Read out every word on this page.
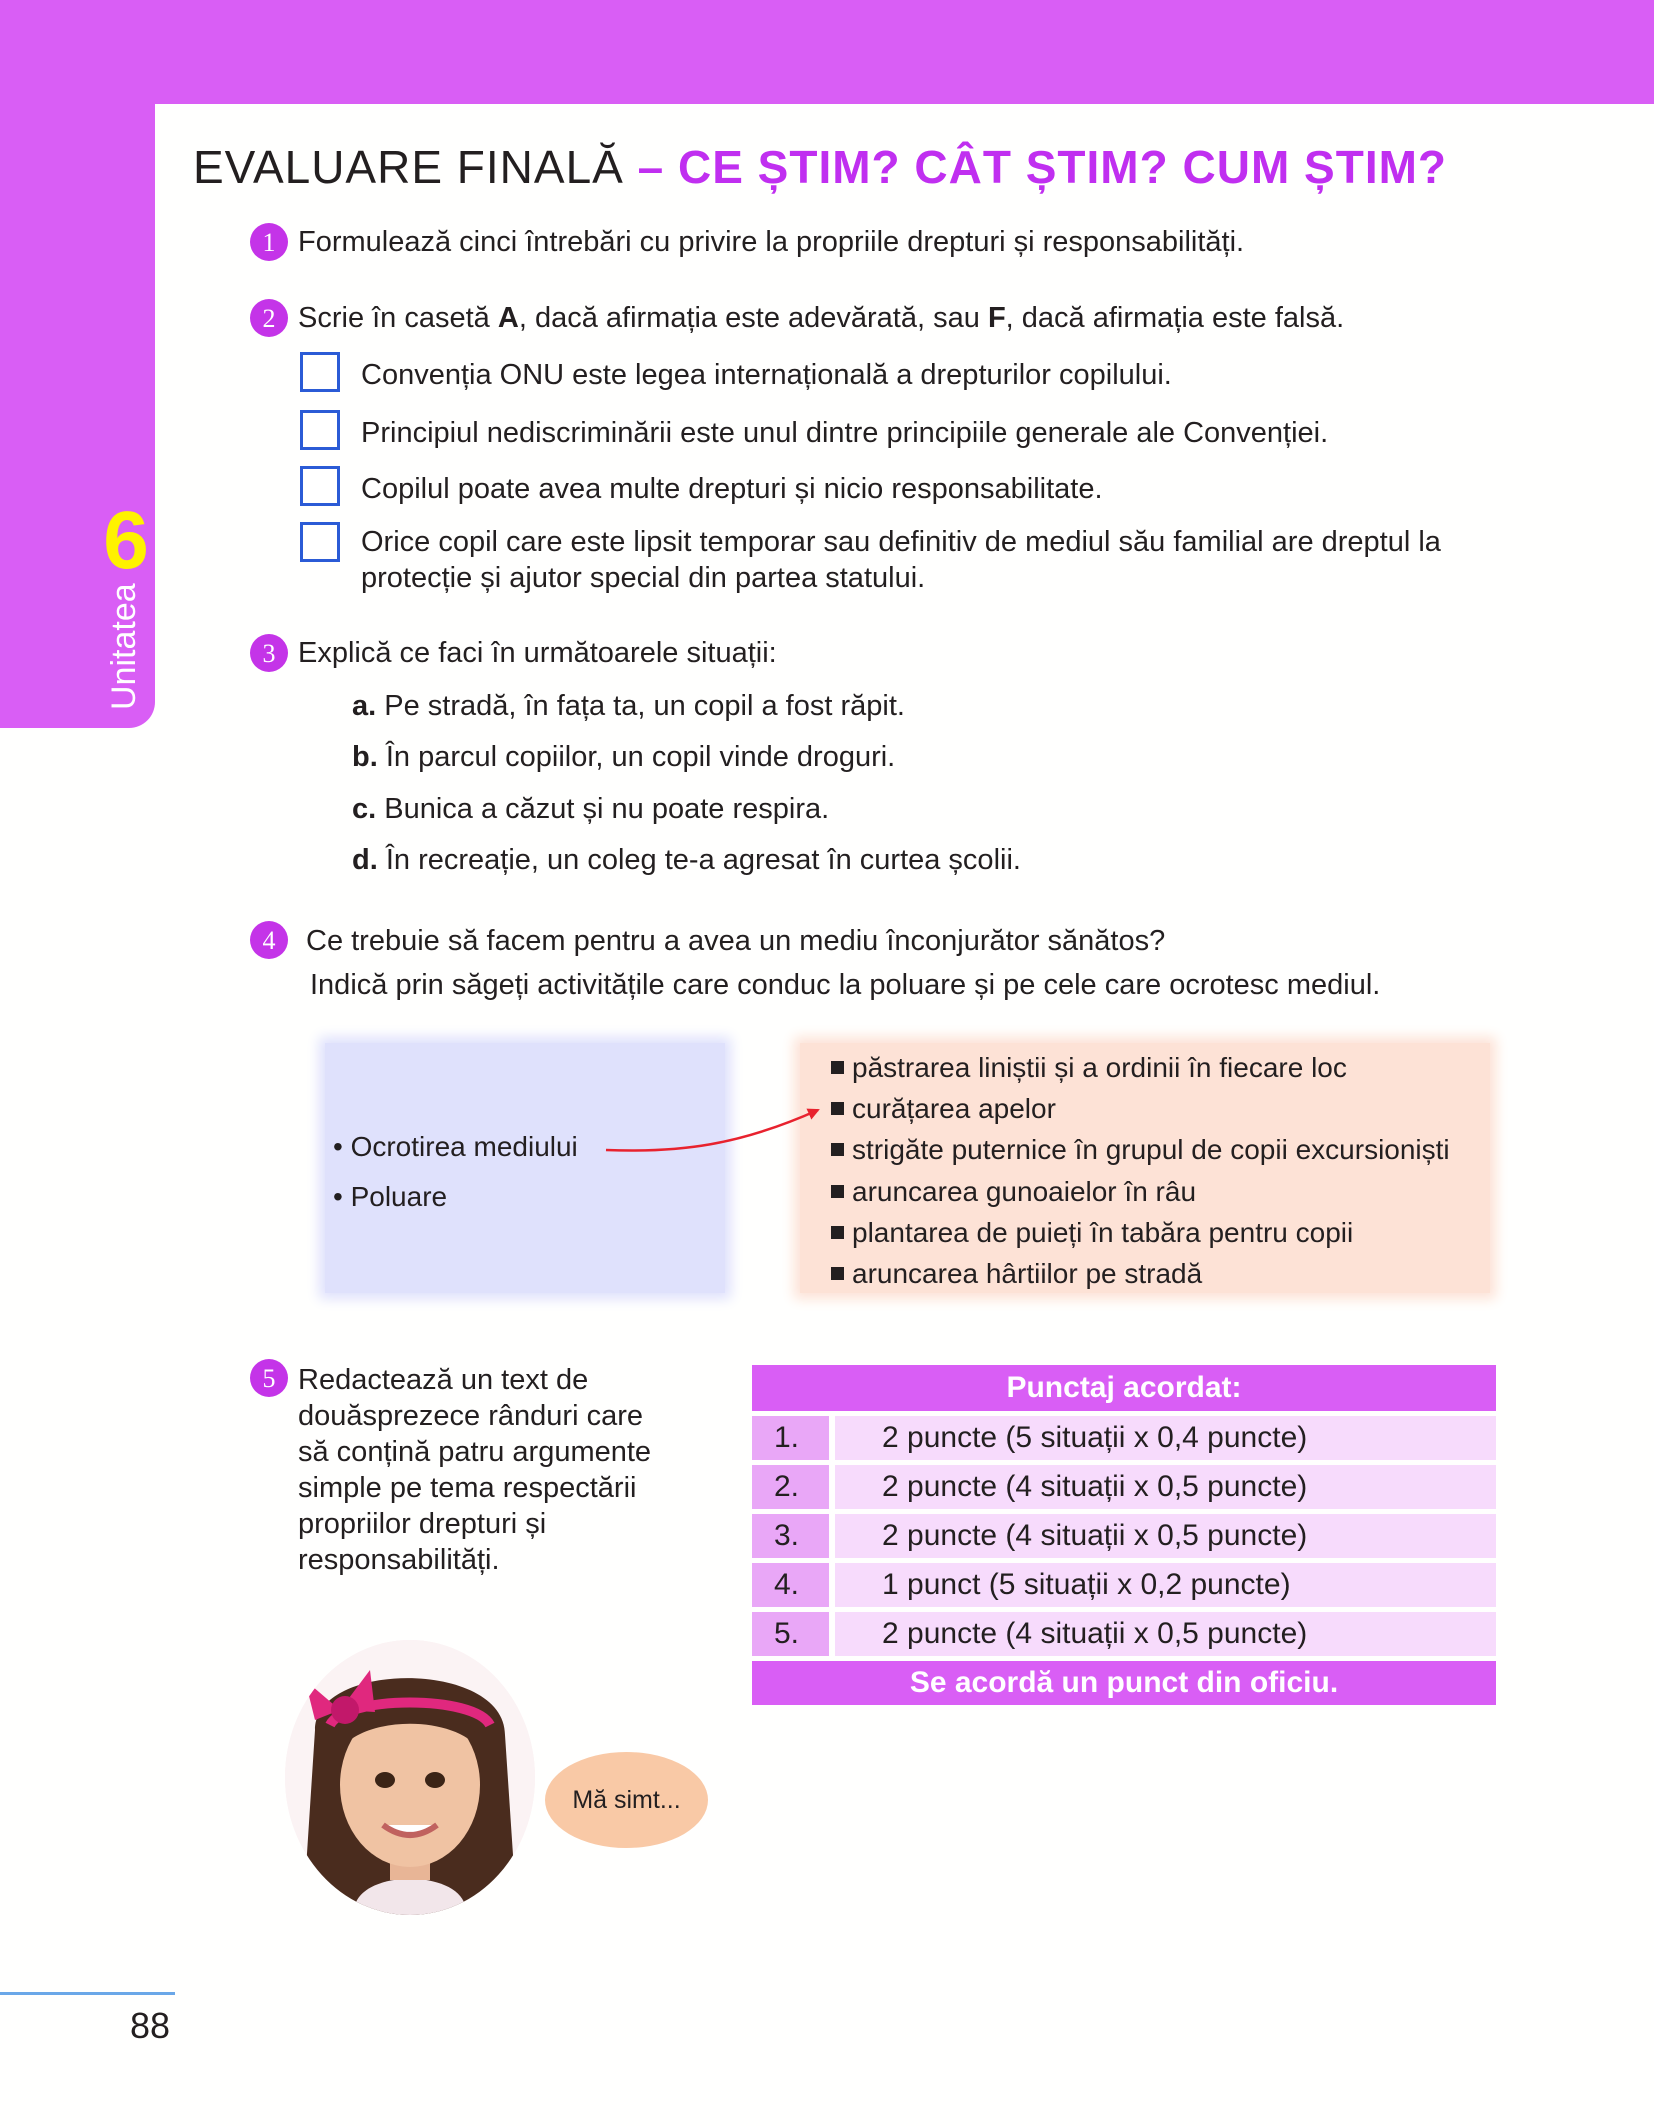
6
Unitatea
EVALUARE FINALĂ – CE ȘTIM? CÂT ȘTIM? CUM ȘTIM?
1 Formulează cinci întrebări cu privire la propriile drepturi și responsabilități.
2 Scrie în casetă A, dacă afirmația este adevărată, sau F, dacă afirmația este falsă.
Convenția ONU este legea internațională a drepturilor copilului.
Principiul nediscriminării este unul dintre principiile generale ale Convenției.
Copilul poate avea multe drepturi și nicio responsabilitate.
Orice copil care este lipsit temporar sau definitiv de mediul său familial are dreptul la
protecție și ajutor special din partea statului.
3 Explică ce faci în următoarele situații:
a. Pe stradă, în fața ta, un copil a fost răpit.
b. În parcul copiilor, un copil vinde droguri.
c. Bunica a căzut și nu poate respira.
d. În recreație, un coleg te-a agresat în curtea școlii.
4	Ce trebuie să facem pentru a avea un mediu înconjurător sănătos?
Indică prin săgeți activitățile care conduc la poluare și pe cele care ocrotesc mediul.
• Ocrotirea mediului
• Poluare
păstrarea liniștii și a ordinii în fiecare loc
curățarea apelor
strigăte puternice în grupul de copii excursioniști
aruncarea gunoaielor în râu
plantarea de puieți în tabăra pentru copii
aruncarea hârtiilor pe stradă
5 Redactează un text de
douăsprezece rânduri care
să conțină patru argumente
simple pe tema respectării
propriilor drepturi și
responsabilități.
Punctaj acordat:
1.	2 puncte (5 situații x 0,4 puncte)
2.	2 puncte (4 situații x 0,5 puncte)
3.	2 puncte (4 situații x 0,5 puncte)
4.	1 punct (5 situații x 0,2 puncte)
5.	2 puncte (4 situații x 0,5 puncte)
Se acordă un punct din oficiu.
Mă simt...
88
